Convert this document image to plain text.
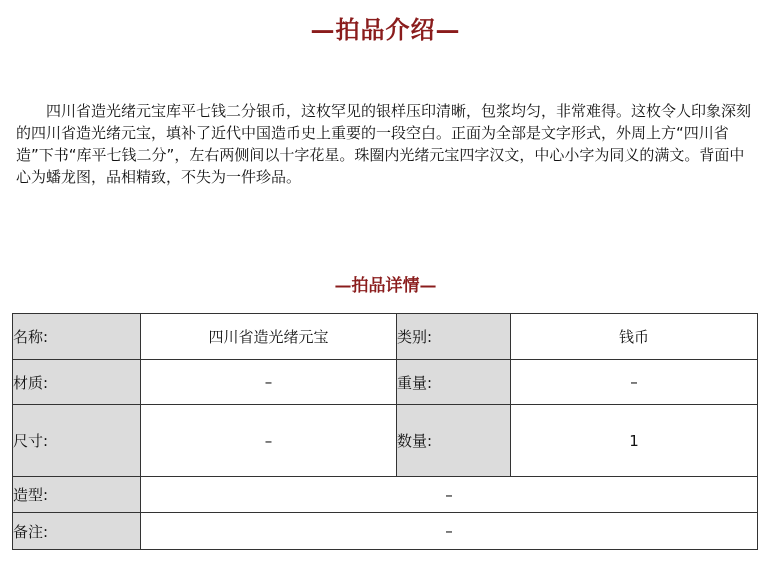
—拍品介绍—
四川省造光绪元宝库平七钱二分银币，这枚罕见的银样压印清晰，包浆均匀，非常难得。这枚令人印象深刻的四川省造光绪元宝，填补了近代中国造币史上重要的一段空白。正面为全部是文字形式，外周上方“四川省造”下书“库平七钱二分”，左右两侧间以十字花星。珠圈内光绪元宝四字汉文，中心小字为同义的满文。背面中心为蟠龙图，品相精致，不失为一件珍品。
—拍品详情—
名称:	四川省造光绪元宝	类别:	钱币
材质:	–	重量:	–
尺寸:	–	数量:	1
造型:	–		
备注:	–		
